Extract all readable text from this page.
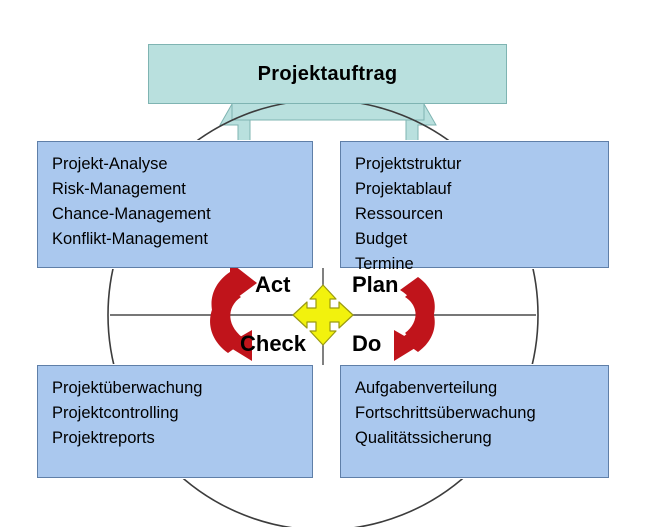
Projektauftrag
Projekt-Analyse
Risk-Management
Chance-Management
Konflikt-Management
Projektstruktur
Projektablauf
Ressourcen
Budget
Termine
Projektüberwachung
Projektcontrolling
Projektreports
Aufgabenverteilung
Fortschrittsüberwachung
Qualitätssicherung
Act	Plan
Check Do
